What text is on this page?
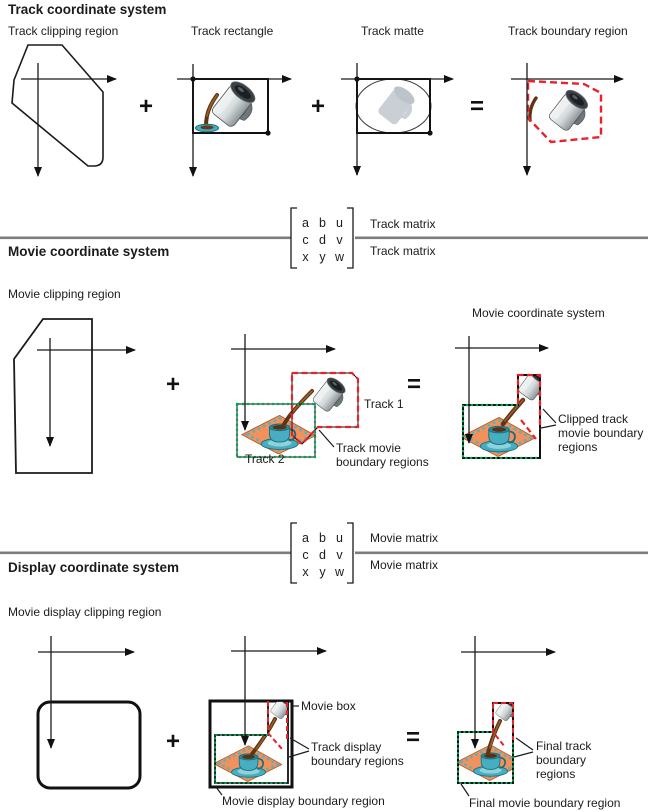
Track coordinate system
Track clipping region	Track rectangle	Track matte	Track boundary region
+	+	=
a b u
c d v
x y w
Track matrix
Track matrix
Movie coordinate system
Movie clipping region
Movie coordinate system
Track 1
Track 2
Track movie boundary regions
Clipped track movie boundary regions
+	=
a b u
c d v
x y w
Movie matrix
Movie matrix
Display coordinate system
Movie display clipping region
Movie box
Track display boundary regions
Movie display boundary region
Final track boundary regions
Final movie boundary region
+	=
